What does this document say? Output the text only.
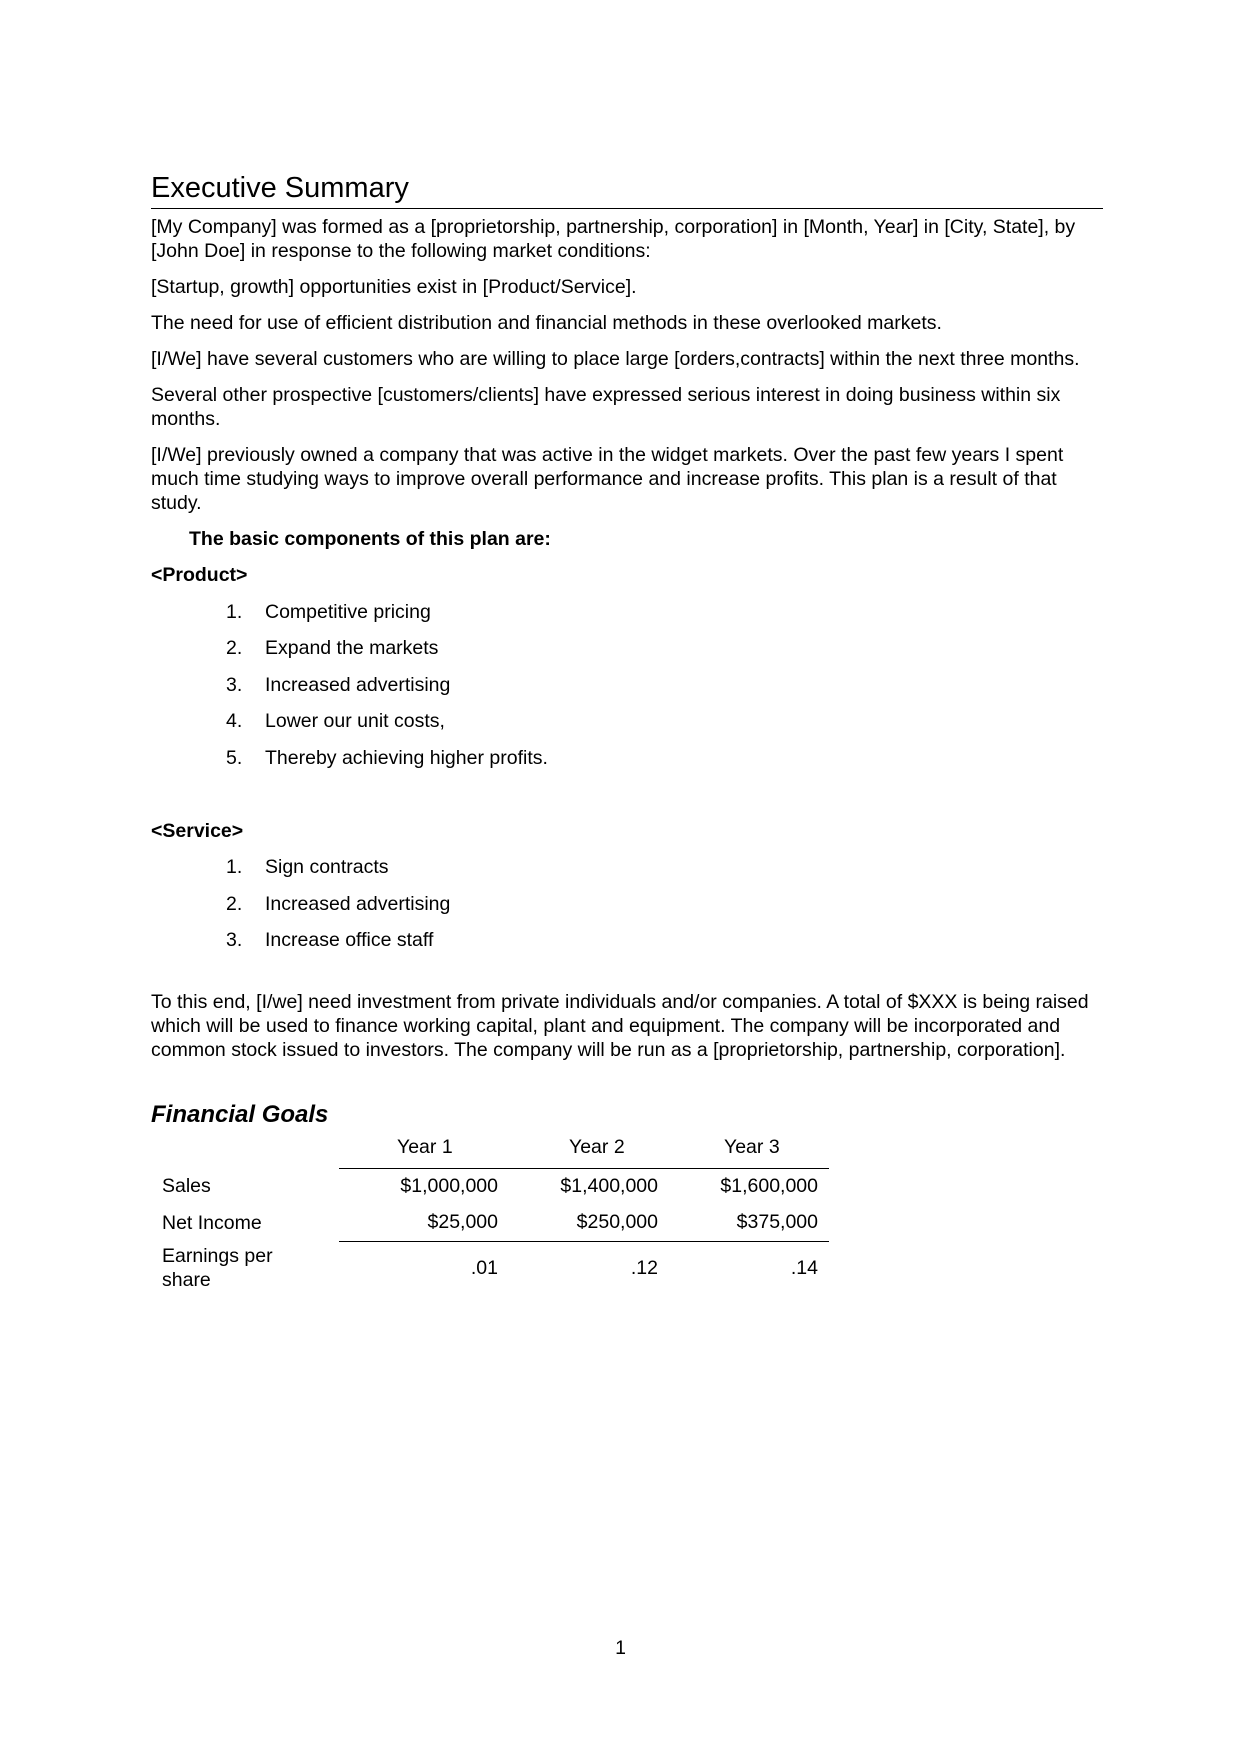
Executive Summary

[My Company] was formed as a [proprietorship, partnership, corporation] in [Month, Year] in [City, State], by [John Doe] in response to the following market conditions:

[Startup, growth] opportunities exist in [Product/Service].

The need for use of efficient distribution and financial methods in these overlooked markets.

[I/We] have several customers who are willing to place large [orders,contracts] within the next three months.

Several other prospective [customers/clients] have expressed serious interest in doing business within six months.

[I/We] previously owned a company that was active in the widget markets. Over the past few years I spent much time studying ways to improve overall performance and increase profits. This plan is a result of that study.

The basic components of this plan are:
<Product>
1.	Competitive pricing
2.	Expand the markets
3.	Increased advertising
4.	Lower our unit costs,
5.	Thereby achieving higher profits.
<Service>
1.	Sign contracts
2.	Increased advertising
3.	Increase office staff

To this end, [I/we] need investment from private individuals and/or companies. A total of $XXX is being raised which will be used to finance working capital, plant and equipment. The company will be incorporated and common stock issued to investors. The company will be run as a [proprietorship, partnership, corporation].

Financial Goals
	Year 1	Year 2	Year 3
Sales	$1,000,000	$1,400,000	$1,600,000
Net Income	$25,000	$250,000	$375,000

Earnings per share	.01	.12	.14
1
